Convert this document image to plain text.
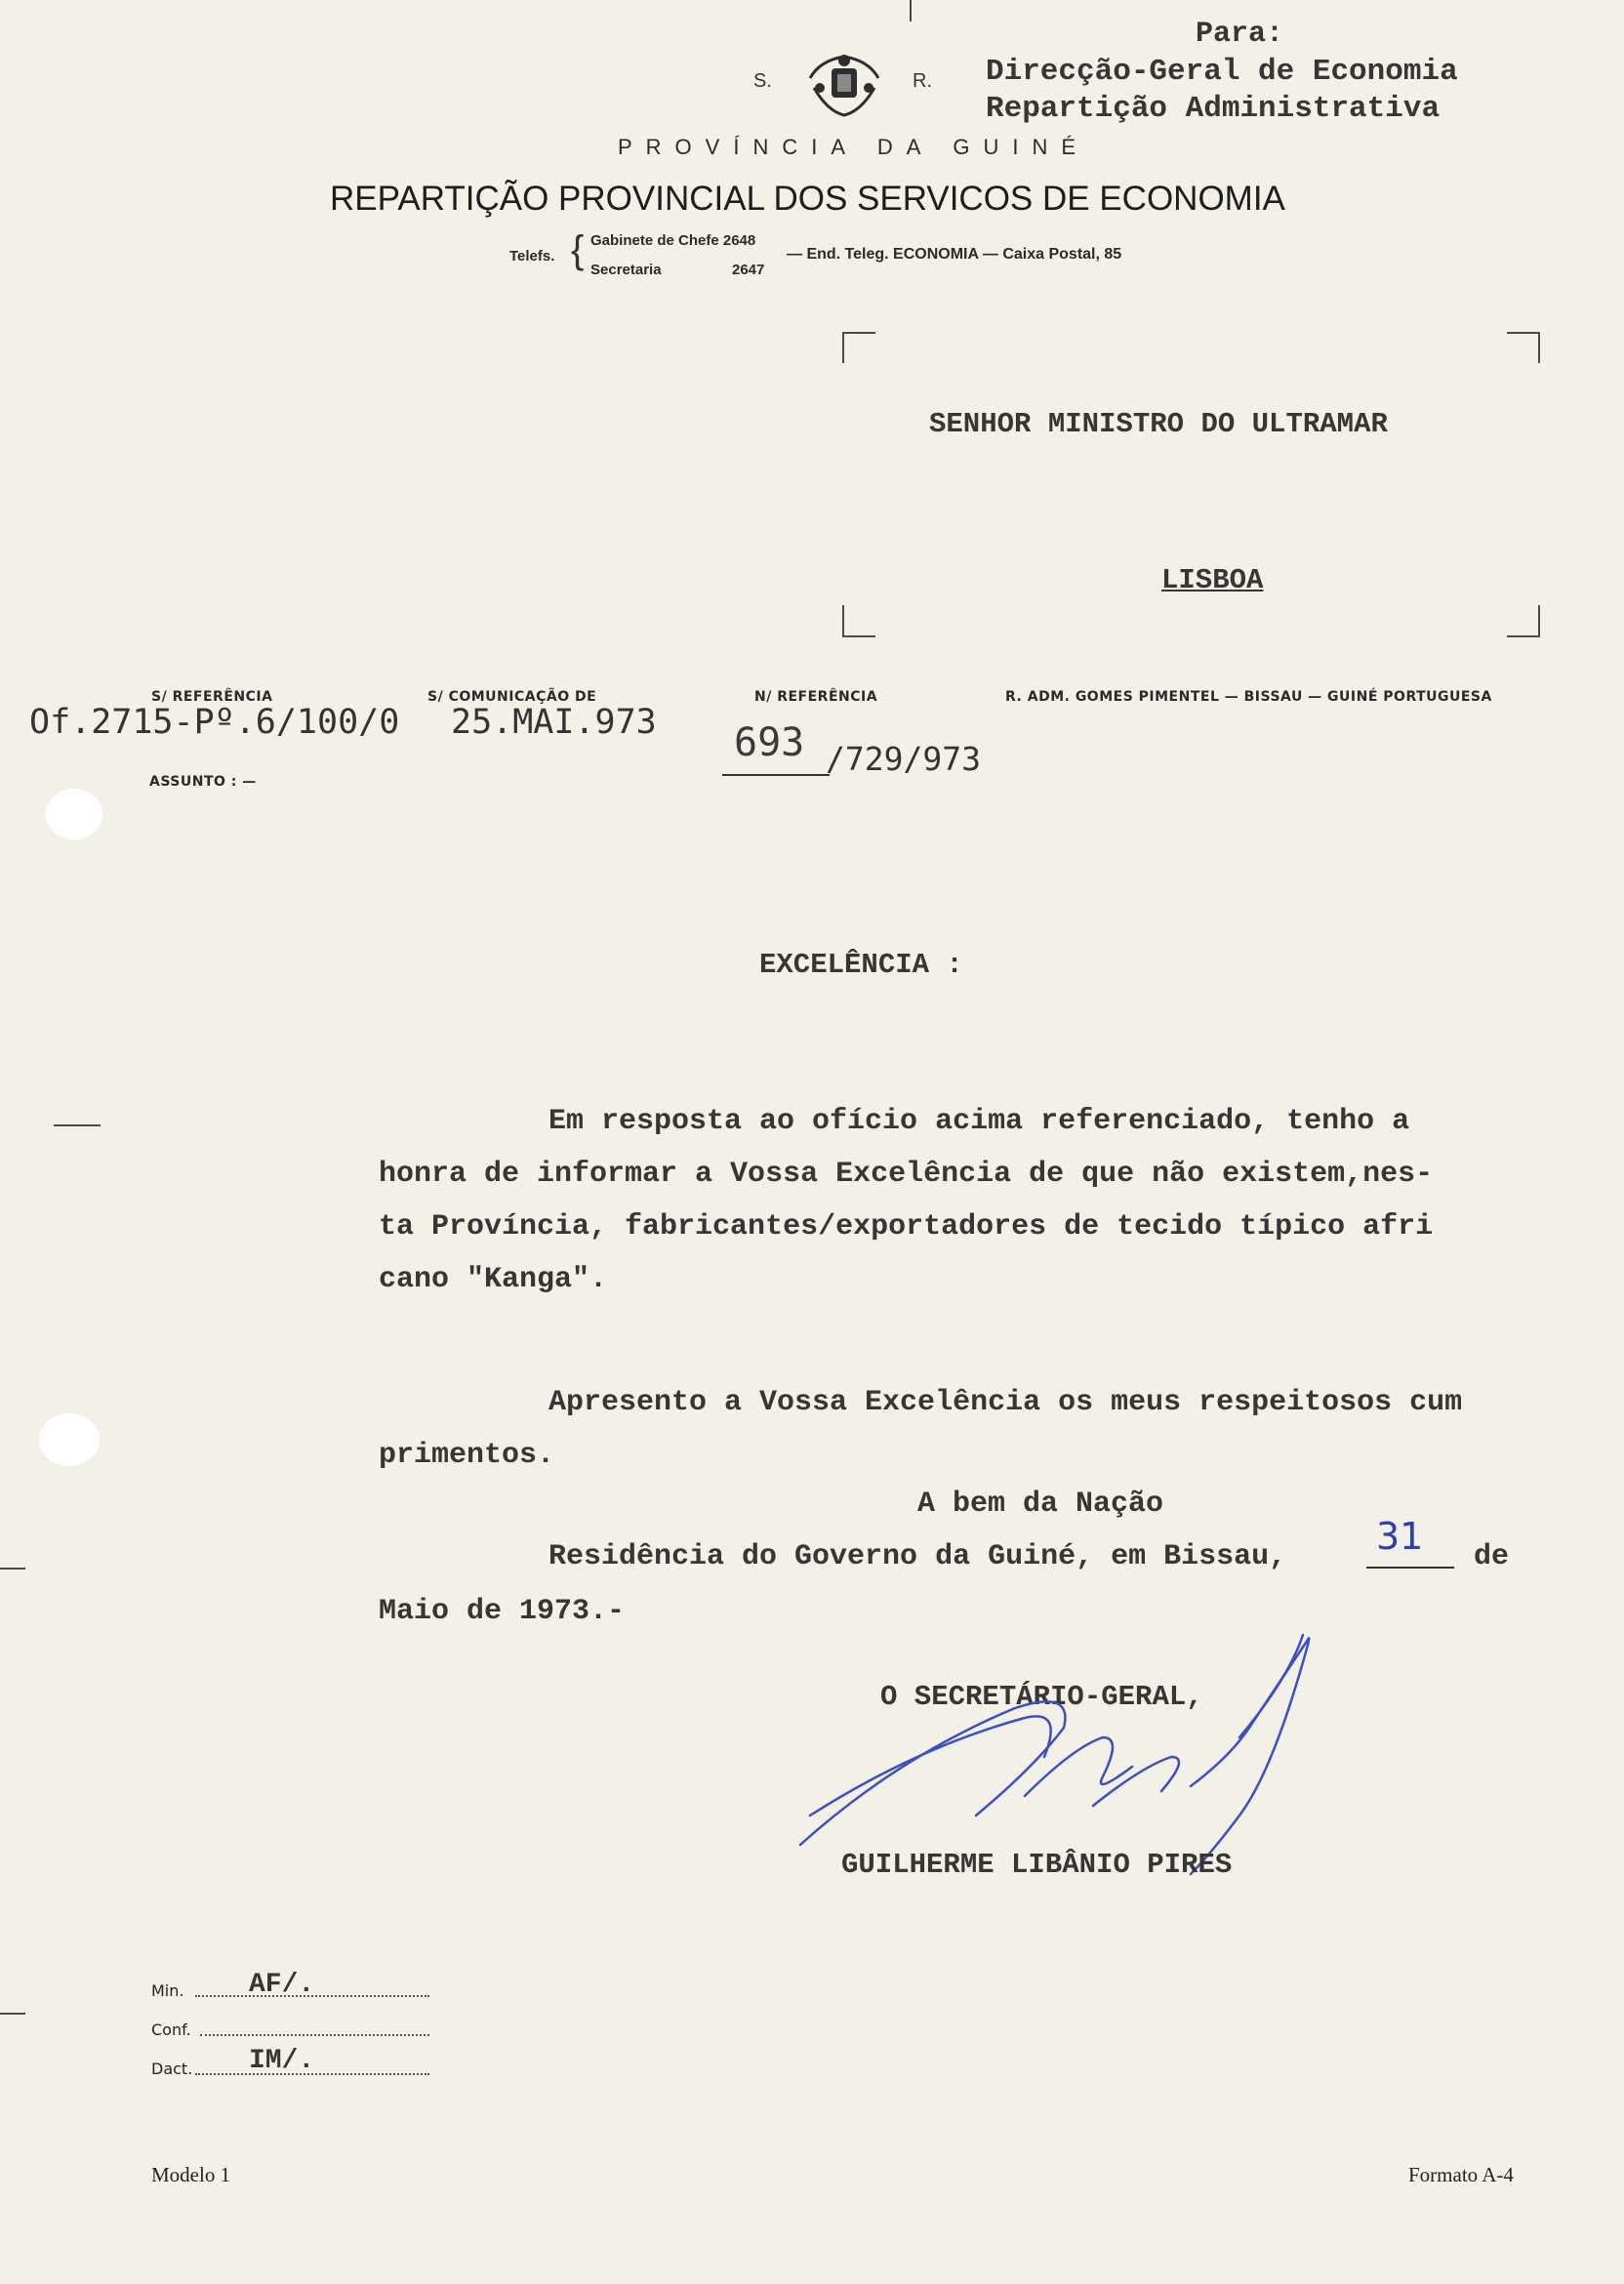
Para:
Direcção-Geral de Economia
Repartição Administrativa
S.	R.
PROVÍNCIA DA GUINÉ
REPARTIÇÃO PROVINCIAL DOS SERVICOS DE ECONOMIA
Telefs. { Gabinete de Chefe 2648
Secretaria	2647
— End. Teleg. ECONOMIA — Caixa Postal, 85
SENHOR MINISTRO DO ULTRAMAR
LISBOA
S/ REFERÊNCIA
Of.2715-Pº.6/100/0
S/ COMUNICAÇÃO DE
25.MAI.973
N/ REFERÊNCIA
693 /729/973
R. ADM. GOMES PIMENTEL — BISSAU — GUINÉ PORTUGUESA
ASSUNTO : —
EXCELÊNCIA :
Em resposta ao ofício acima referenciado, tenho a
honra de informar a Vossa Excelência de que não existem,nes-
ta Província, fabricantes/exportadores de tecido típico afri
cano "Kanga".
Apresento a Vossa Excelência os meus respeitosos cum
primentos.
A bem da Nação
Residência do Governo da Guiné, em Bissau, 31 de
Maio de 1973.-
O SECRETÁRIO-GERAL,
GUILHERME LIBÂNIO PIRES
Min. AF/.
Conf.
Dact. IM/.
Modelo 1	Formato A-4
